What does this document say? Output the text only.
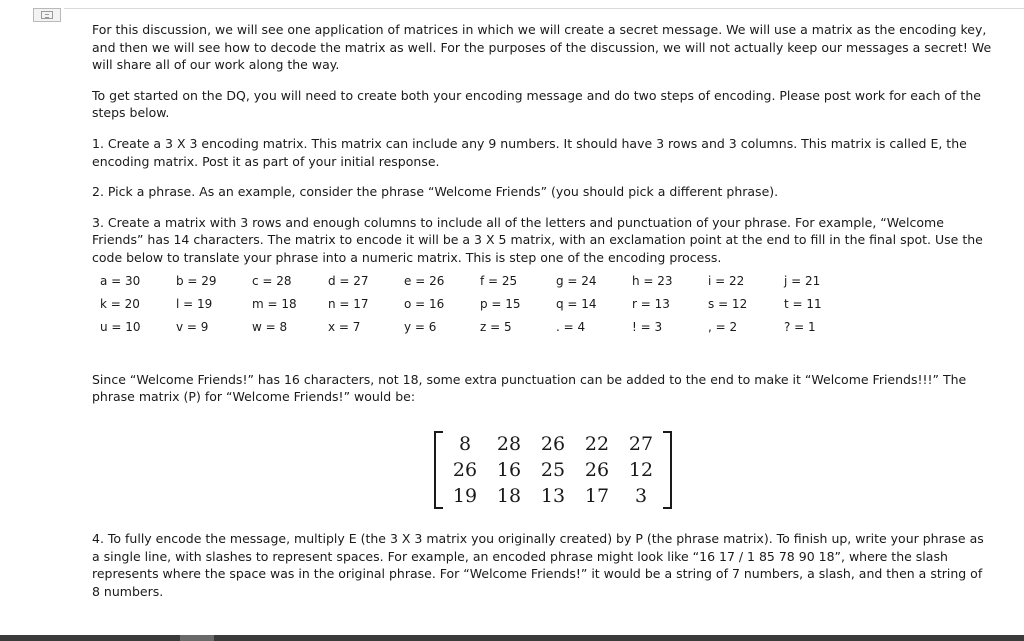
For this discussion, we will see one application of matrices in which we will create a secret message. We will use a matrix as the encoding key, and then we will see how to decode the matrix as well. For the purposes of the discussion, we will not actually keep our messages a secret! We will share all of our work along the way.

To get started on the DQ, you will need to create both your encoding message and do two steps of encoding. Please post work for each of the steps below.

1. Create a 3 X 3 encoding matrix. This matrix can include any 9 numbers. It should have 3 rows and 3 columns. This matrix is called E, the encoding matrix. Post it as part of your initial response.

2. Pick a phrase. As an example, consider the phrase “Welcome Friends” (you should pick a different phrase).

3. Create a matrix with 3 rows and enough columns to include all of the letters and punctuation of your phrase. For example, “Welcome Friends” has 14 characters. The matrix to encode it will be a 3 X 5 matrix, with an exclamation point at the end to fill in the final spot. Use the code below to translate your phrase into a numeric matrix. This is step one of the encoding process.

a = 30	b = 29	c = 28	d = 27	e = 26	f = 25	g = 24	h = 23	i = 22	j = 21
k = 20	l = 19	m = 18	n = 17	o = 16	p = 15	q = 14	r = 13	s = 12	t = 11
u = 10	v = 9	w = 8	x = 7	y = 6	z = 5	. = 4	! = 3	, = 2	? = 1

Since “Welcome Friends!” has 16 characters, not 18, some extra punctuation can be added to the end to make it “Welcome Friends!!!” The phrase matrix (P) for “Welcome Friends!” would be:

8	28	26	22	27
26	16	25	26	12
19	18	13	17	3

4. To fully encode the message, multiply E (the 3 X 3 matrix you originally created) by P (the phrase matrix). To finish up, write your phrase as a single line, with slashes to represent spaces. For example, an encoded phrase might look like “16 17 / 1 85 78 90 18”, where the slash represents where the space was in the original phrase. For “Welcome Friends!” it would be a string of 7 numbers, a slash, and then a string of 8 numbers.
